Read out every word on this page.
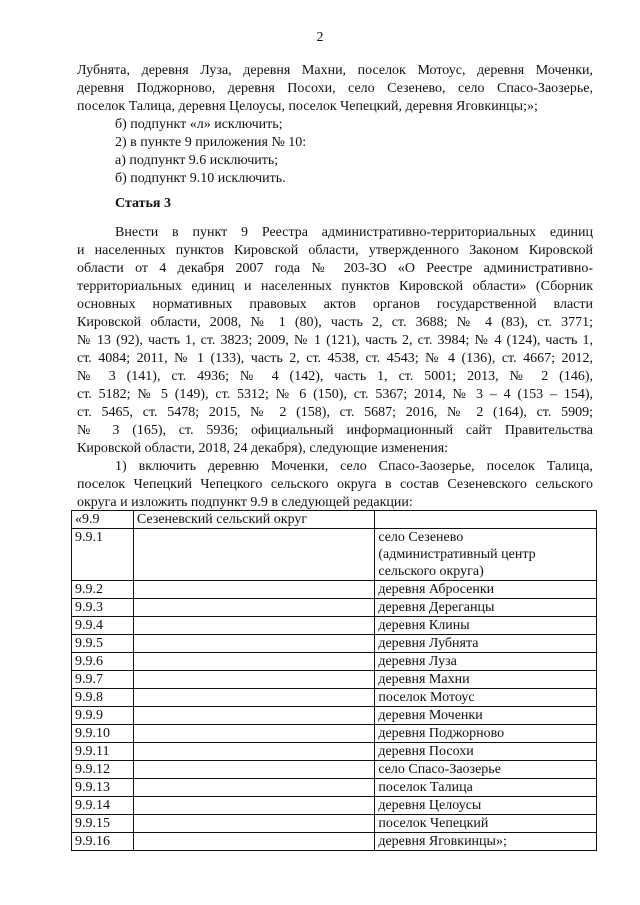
2
Лубнята, деревня Луза, деревня Махни, поселок Мотоус, деревня Моченки,
деревня Поджорново, деревня Посохи, село Сезенево, село Спасо-Заозерье,
поселок Талица, деревня Целоусы, поселок Чепецкий, деревня Яговкинцы;»;
б) подпункт «л» исключить;
2) в пункте 9 приложения № 10:
а) подпункт 9.6 исключить;
б) подпункт 9.10 исключить.
Статья 3
Внести в пункт 9 Реестра административно-территориальных единиц
и населенных пунктов Кировской области, утвержденного Законом Кировской
области от 4 декабря 2007 года № 203-ЗО «О Реестре административно-
территориальных единиц и населенных пунктов Кировской области» (Сборник
основных нормативных правовых актов органов государственной власти
Кировской области, 2008, № 1 (80), часть 2, ст. 3688; № 4 (83), ст. 3771;
№ 13 (92), часть 1, ст. 3823; 2009, № 1 (121), часть 2, ст. 3984; № 4 (124), часть 1,
ст. 4084; 2011, № 1 (133), часть 2, ст. 4538, ст. 4543; № 4 (136), ст. 4667; 2012,
№ 3 (141), ст. 4936; № 4 (142), часть 1, ст. 5001; 2013, № 2 (146),
ст. 5182; № 5 (149), ст. 5312; № 6 (150), ст. 5367; 2014, № 3 – 4 (153 – 154),
ст. 5465, ст. 5478; 2015, № 2 (158), ст. 5687; 2016, № 2 (164), ст. 5909;
№ 3 (165), ст. 5936; официальный информационный сайт Правительства
Кировской области, 2018, 24 декабря), следующие изменения:
1) включить деревню Моченки, село Спасо-Заозерье, поселок Талица,
поселок Чепецкий Чепецкого сельского округа в состав Сезеневского сельского
«9.9	Сезеневский сельский округ	
9.9.1		село Сезенево
(административный центр
сельского округа)

9.9.2		деревня Абросенки

9.9.3		деревня Дереганцы

9.9.4		деревня Клины

9.9.5		деревня Лубнята

9.9.6		деревня Луза

9.9.7		деревня Махни

9.9.8		поселок Мотоус

9.9.9		деревня Моченки

9.9.10		деревня Поджорново

9.9.11		деревня Посохи

9.9.12		село Спасо-Заозерье

9.9.13		поселок Талица

9.9.14		деревня Целоусы

9.9.15		поселок Чепецкий

9.9.16		деревня Яговкинцы»;
округа и изложить подпункт 9.9 в следующей редакции:
